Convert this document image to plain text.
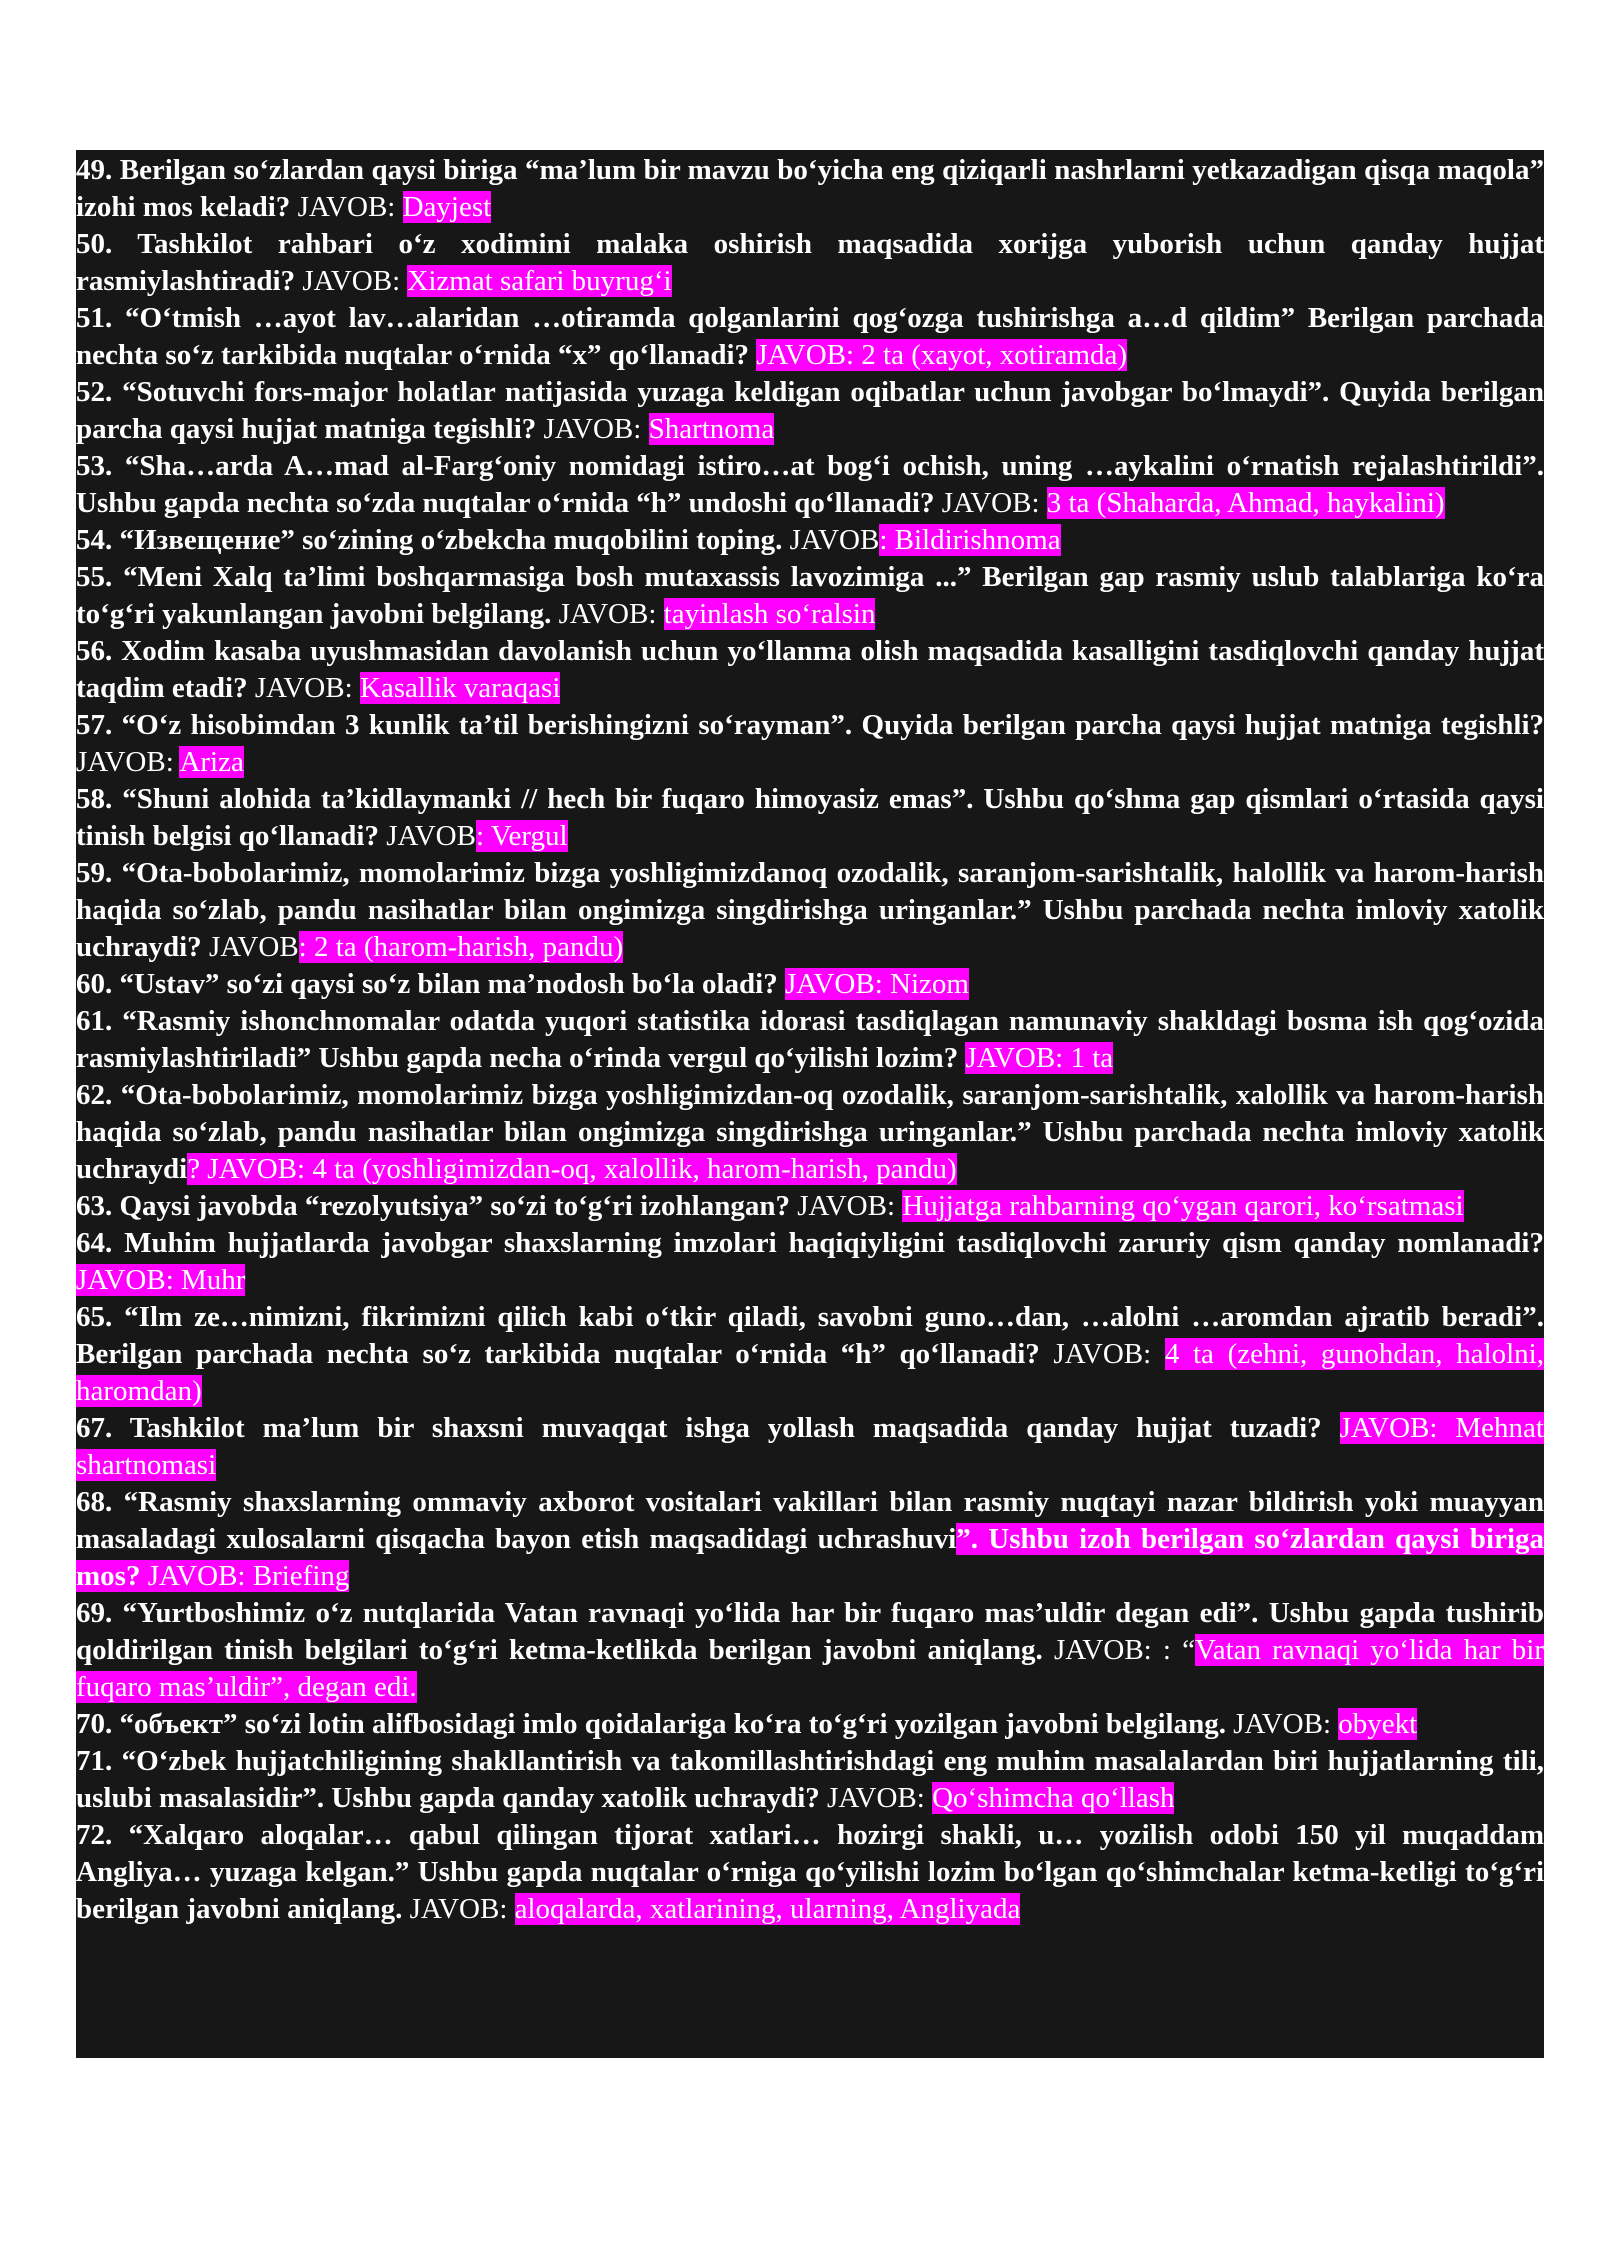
49. Berilgan soʻzlardan qaysi biriga “maʼlum bir mavzu boʻyicha eng qiziqarli nashrlarni yetkazadigan qisqa maqola” izohi mos keladi? JAVOB: Dayjest

50. Tashkilot rahbari oʻz xodimini malaka oshirish maqsadida xorijga yuborish uchun qanday hujjat rasmiylashtiradi? JAVOB: Xizmat safari buyrugʻi

51. “Oʻtmish …ayot lav…alaridan …otiramda qolganlarini qogʻozga tushirishga a…d qildim” Berilgan parchada nechta soʻz tarkibida nuqtalar oʻrnida “x” qoʻllanadi? JAVOB: 2 ta (xayot, xotiramda)

52. “Sotuvchi fors-major holatlar natijasida yuzaga keldigan oqibatlar uchun javobgar boʻlmaydi”. Quyida berilgan parcha qaysi hujjat matniga tegishli? JAVOB: Shartnoma

53. “Sha…arda A…mad al-Fargʻoniy nomidagi istiro…at bogʻi ochish, uning …aykalini oʻrnatish rejalashtirildi”. Ushbu gapda nechta soʻzda nuqtalar oʻrnida “h” undoshi qoʻllanadi? JAVOB: 3 ta (Shaharda, Ahmad, haykalini)

54. “Извещение” soʻzining oʻzbekcha muqobilini toping. JAVOB: Bildirishnoma

55. “Meni Xalq taʼlimi boshqarmasiga bosh mutaxassis lavozimiga ...” Berilgan gap rasmiy uslub talablariga koʻra toʻgʻri yakunlangan javobni belgilang. JAVOB: tayinlash soʻralsin

56. Xodim kasaba uyushmasidan davolanish uchun yoʻllanma olish maqsadida kasalligini tasdiqlovchi qanday hujjat taqdim etadi? JAVOB: Kasallik varaqasi

57. “Oʻz hisobimdan 3 kunlik taʼtil berishingizni soʻrayman”. Quyida berilgan parcha qaysi hujjat matniga tegishli? JAVOB: Ariza

58. “Shuni alohida taʼkidlaymanki // hech bir fuqaro himoyasiz emas”. Ushbu qoʻshma gap qismlari oʻrtasida qaysi tinish belgisi qoʻllanadi? JAVOB: Vergul

59. “Ota-bobolarimiz, momolarimiz bizga yoshligimizdanoq ozodalik, saranjom-sarishtalik, halollik va harom-harish haqida soʻzlab, pandu nasihatlar bilan ongimizga singdirishga uringanlar.” Ushbu parchada nechta imloviy xatolik uchraydi? JAVOB: 2 ta (harom-harish, pandu)

60. “Ustav” soʻzi qaysi soʻz bilan maʼnodosh boʻla oladi? JAVOB: Nizom

61. “Rasmiy ishonchnomalar odatda yuqori statistika idorasi tasdiqlagan namunaviy shakldagi bosma ish qogʻozida rasmiylashtiriladi” Ushbu gapda necha oʻrinda vergul qoʻyilishi lozim? JAVOB: 1 ta

62. “Ota-bobolarimiz, momolarimiz bizga yoshligimizdan-oq ozodalik, saranjom-sarishtalik, xalollik va harom-harish haqida soʻzlab, pandu nasihatlar bilan ongimizga singdirishga uringanlar.” Ushbu parchada nechta imloviy xatolik uchraydi? JAVOB: 4 ta (yoshligimizdan-oq, xalollik, harom-harish, pandu)

63. Qaysi javobda “rezolyutsiya” soʻzi toʻgʻri izohlangan? JAVOB: Hujjatga rahbarning qoʻygan qarori, koʻrsatmasi

64. Muhim hujjatlarda javobgar shaxslarning imzolari haqiqiyligini tasdiqlovchi zaruriy qism qanday nomlanadi? JAVOB: Muhr

65. “Ilm ze…nimizni, fikrimizni qilich kabi oʻtkir qiladi, savobni guno…dan, …alolni …aromdan ajratib beradi”. Berilgan parchada nechta soʻz tarkibida nuqtalar oʻrnida “h” qoʻllanadi? JAVOB: 4 ta (zehni, gunohdan, halolni, haromdan)

67. Tashkilot maʼlum bir shaxsni muvaqqat ishga yollash maqsadida qanday hujjat tuzadi? JAVOB: Mehnat shartnomasi

68. “Rasmiy shaxslarning ommaviy axborot vositalari vakillari bilan rasmiy nuqtayi nazar bildirish yoki muayyan masaladagi xulosalarni qisqacha bayon etish maqsadidagi uchrashuvi”. Ushbu izoh berilgan soʻzlardan qaysi biriga mos? JAVOB: Briefing

69. “Yurtboshimiz oʻz nutqlarida Vatan ravnaqi yoʻlida har bir fuqaro masʼuldir degan edi”. Ushbu gapda tushirib qoldirilgan tinish belgilari toʻgʻri ketma-ketlikda berilgan javobni aniqlang. JAVOB: : “Vatan ravnaqi yoʻlida har bir fuqaro masʼuldir”, degan edi.

70. “объект” soʻzi lotin alifbosidagi imlo qoidalariga koʻra toʻgʻri yozilgan javobni belgilang. JAVOB: obyekt

71. “Oʻzbek hujjatchiligining shakllantirish va takomillashtirishdagi eng muhim masalalardan biri hujjatlarning tili, uslubi masalasidir”. Ushbu gapda qanday xatolik uchraydi? JAVOB: Qoʻshimcha qoʻllash

72. “Xalqaro aloqalar… qabul qilingan tijorat xatlari… hozirgi shakli, u… yozilish odobi 150 yil muqaddam Angliya… yuzaga kelgan.” Ushbu gapda nuqtalar oʻrniga qoʻyilishi lozim boʻlgan qoʻshimchalar ketma-ketligi toʻgʻri berilgan javobni aniqlang. JAVOB: aloqalarda, xatlarining, ularning, Angliyada
